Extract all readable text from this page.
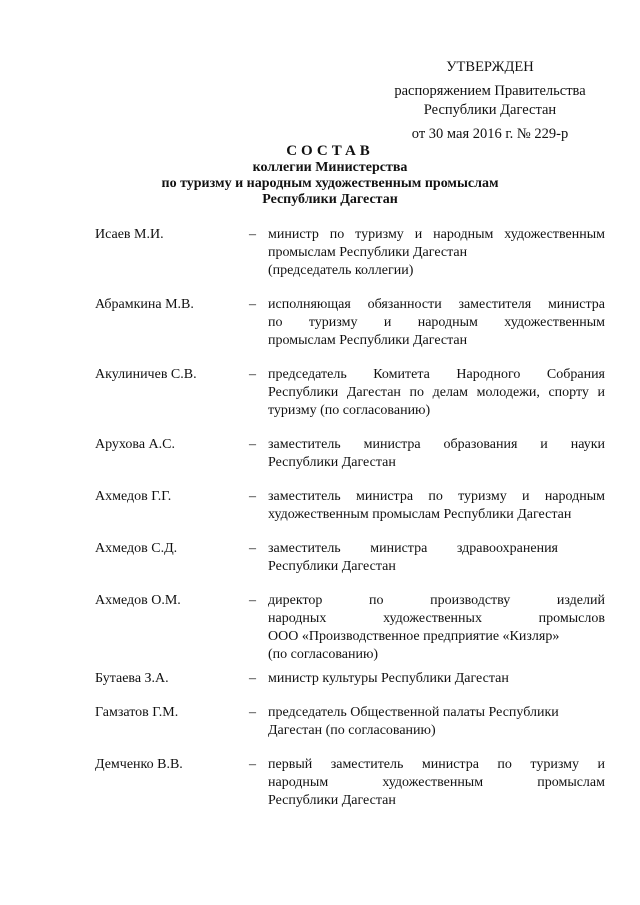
УТВЕРЖДЕН
распоряжением Правительства
Республики Дагестан
от 30 мая 2016 г. № 229-р
СОСТАВ
коллегии Министерства
по туризму и народным художественным промыслам
Республики Дагестан
Исаев М.И.	– министр по туризму и народным художественным
промыслам Республики Дагестан
(председатель коллегии)
Абрамкина М.В.	– исполняющая обязанности заместителя министра
по туризму и народным художественным
промыслам Республики Дагестан
Акулиничев С.В.	– председатель Комитета Народного Собрания
Республики Дагестан по делам молодежи, спорту и
туризму (по согласованию)
Арухова А.С.	– заместитель министра образования и науки
Республики Дагестан
Ахмедов Г.Г.	– заместитель министра по туризму и народным
художественным промыслам Республики Дагестан
Ахмедов С.Д.	– заместитель министра здравоохранения
Республики Дагестан
Ахмедов О.М.	– директор по производству изделий
народных художественных промыслов
ООО «Производственное предприятие «Кизляр»
(по согласованию)
Бутаева З.А.	– министр культуры Республики Дагестан
Гамзатов Г.М.	– председатель Общественной палаты Республики
Дагестан (по согласованию)
Демченко В.В.	– первый заместитель министра по туризму и
народным художественным промыслам
Республики Дагестан
